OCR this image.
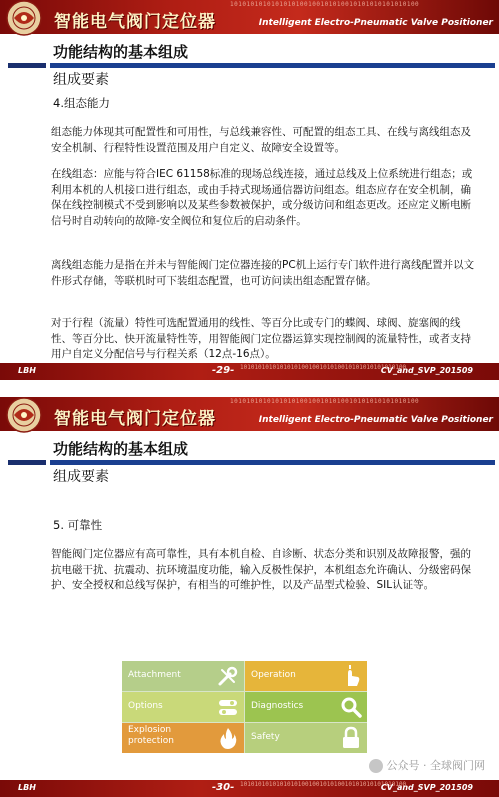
1010101010101010100100101010010101010101010100
Intelligent Electro-Pneumatic Valve Positioner
智能电气阀门定位器
功能结构的基本组成
组成要素
4.组态能力

组态能力体现其可配置性和可用性，与总线兼容性、可配置的组态工具、在线与离线组态及安全机制、行程特性设置范围及用户自定义、故障安全设置等。

在线组态：应能与符合IEC 61158标准的现场总线连接，通过总线及上位系统进行组态；或利用本机的人机接口进行组态，或由手持式现场通信器访问组态。组态应存在安全机制，确保在线控制模式不受到影响以及某些参数被保护，或分级访问和组态更改。还应定义断电断信号时自动转向的故障-安全阀位和复位后的启动条件。

离线组态能力是指在并未与智能阀门定位器连接的PC机上运行专门软件进行离线配置并以文件形式存储，等联机时可下装组态配置，也可访问读出组态配置存储。

对于行程（流量）特性可选配置通用的线性、等百分比或专门的蝶阀、球阀、旋塞阀的线性、等百分比、快开流量特性等，用智能阀门定位器运算实现控制阀的流量特性，或者支持用户自定义分配信号与行程关系（12点-16点）。

LBH	1010101010101010100100101010010101010101010100
-29-	CV_and_SVP_201509
1010101010101010100100101010010101010101010100
Intelligent Electro-Pneumatic Valve Positioner
智能电气阀门定位器
功能结构的基本组成
组成要素
5. 可靠性

智能阀门定位器应有高可靠性，具有本机自检、自诊断、状态分类和识别及故障报警，强的抗电磁干扰、抗震动、抗环境温度功能，输入反极性保护，本机组态允许确认、分级密码保护、安全授权和总线写保护，有相当的可维护性，以及产品型式检验、SIL认证等。

Attachment	Operation
Options	Diagnostics
Explosion protection	Safety
公众号 · 全球阀门网
LBH	1010101010101010100100101010010101010101010100
-30-	CV_and_SVP_201509
